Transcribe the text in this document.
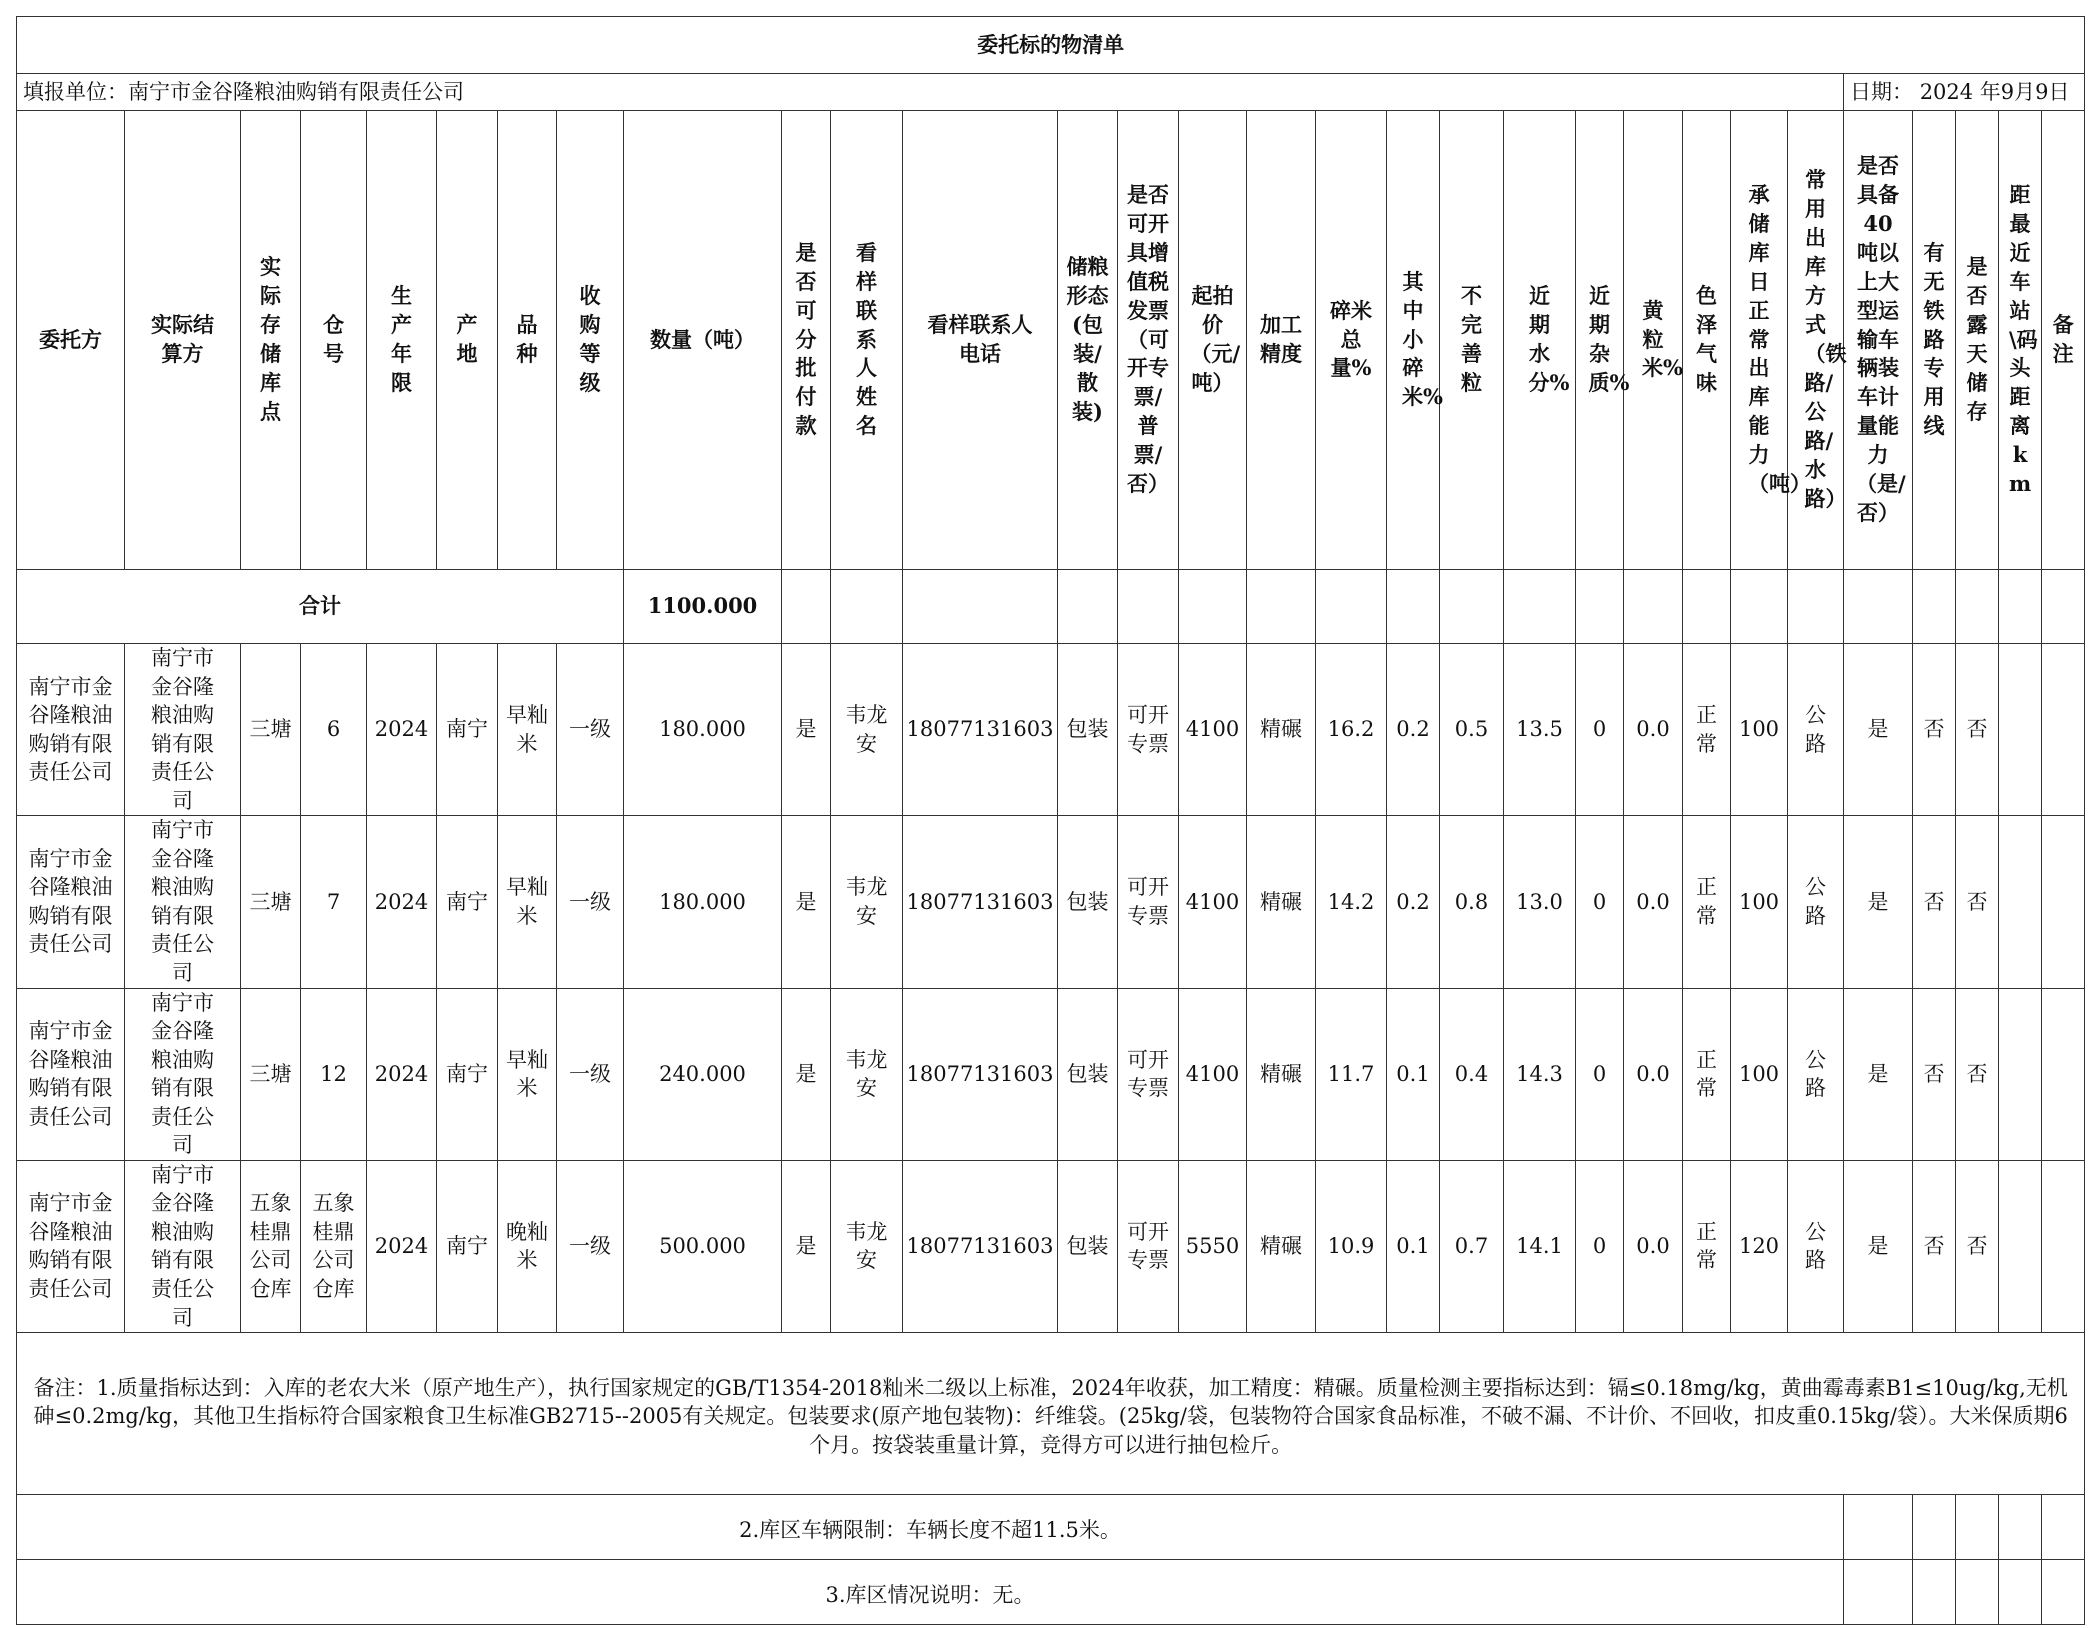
委托标的物清单																														
填报单位：南宁市金谷隆粮油购销有限责任公司																									日期： 2024 年9月9日					
委托方	实际结算方	实际存储库点	仓号	生产年限	产地	品种	收购等级	数量（吨）	是否可分批付款	看样联系人姓名	看样联系人电话	储粮形态(包装/散装)	是否可开具增值税发票（可开专票/普票/否）	起拍价（元/吨）	加工精度	碎米总量%	其中小碎米%	不完善粒	近期水分%	近期杂质%	黄粒米%	色泽气味	承储库日正常出库能力（吨）	常用出库方式（铁路/公路/水路）	是否具备40吨以上大型运输车辆装车计量能力（是/否）	有无铁路专用线	是否露天储存	距最近车站\码头距离km	备注	
合计								1100.000																						
南宁市金谷隆粮油购销有限责任公司	南宁市金谷隆粮油购销有限责任公司	三塘	6	2024	南宁	早籼米	一级	180.000	是	韦龙安	18077131603	包装	可开专票	4100	精碾	16.2	0.2	0.5	13.5	0	0.0	正常	100	公路	是	否	否			
南宁市金谷隆粮油购销有限责任公司	南宁市金谷隆粮油购销有限责任公司	三塘	7	2024	南宁	早籼米	一级	180.000	是	韦龙安	18077131603	包装	可开专票	4100	精碾	14.2	0.2	0.8	13.0	0	0.0	正常	100	公路	是	否	否			
南宁市金谷隆粮油购销有限责任公司	南宁市金谷隆粮油购销有限责任公司	三塘	12	2024	南宁	早籼米	一级	240.000	是	韦龙安	18077131603	包装	可开专票	4100	精碾	11.7	0.1	0.4	14.3	0	0.0	正常	100	公路	是	否	否			
南宁市金谷隆粮油购销有限责任公司	南宁市金谷隆粮油购销有限责任公司	五象桂鼎公司仓库	五象桂鼎公司仓库	2024	南宁	晚籼米	一级	500.000	是	韦龙安	18077131603	包装	可开专票	5550	精碾	10.9	0.1	0.7	14.1	0	0.0	正常	120	公路	是	否	否			
备注：1.质量指标达到：入库的老农大米（原产地生产），执行国家规定的GB/T1354-2018籼米二级以上标准，2024年收获，加工精度：精碾。质量检测主要指标达到：镉≤0.18mg/kg，黄曲霉毒素B1≤10ug/kg,无机砷≤0.2mg/kg，其他卫生指标符合国家粮食卫生标准GB2715--2005有关规定。包装要求(原产地包装物)：纤维袋。(25kg/袋，包装物符合国家食品标准，不破不漏、不计价、不回收，扣皮重0.15kg/袋）。大米保质期6个月。按袋装重量计算，竞得方可以进行抽包检斤。																														
2.库区车辆限制：车辆长度不超11.5米。																														
3.库区情况说明：无。																														
